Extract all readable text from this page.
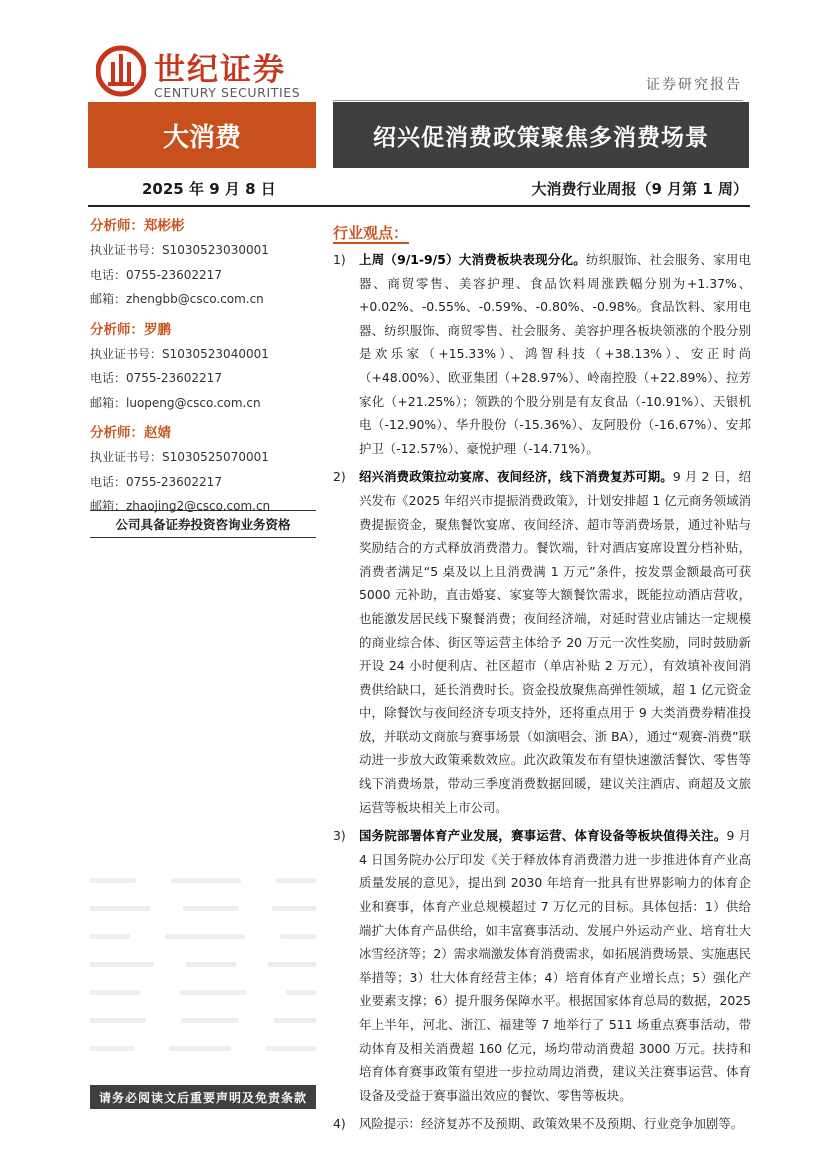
世纪证券
CENTURY SECURITIES	证券研究报告
大消费	绍兴促消费政策聚焦多消费场景
2025 年 9 月 8 日	大消费行业周报（9 月第 1 周）
分析师：郑彬彬
执业证书号：S1030523030001
电话：0755-23602217
邮箱：zhengbb@csco.com.cn
分析师：罗鹏
执业证书号：S1030523040001
电话：0755-23602217
邮箱：luopeng@csco.com.cn
分析师：赵婧
执业证书号：S1030525070001
电话：0755-23602217
邮箱：zhaojing2@csco.com.cn
公司具备证券投资咨询业务资格
请务必阅读文后重要声明及免责条款
行业观点：
1) 上周（9/1-9/5）大消费板块表现分化。纺织服饰、社会服务、家用电器、商贸零售、美容护理、食品饮料周涨跌幅分别为+1.37%、+0.02%、-0.55%、-0.59%、-0.80%、-0.98%。食品饮料、家用电器、纺织服饰、商贸零售、社会服务、美容护理各板块领涨的个股分别是欢乐家（+15.33%）、鸿智科技（+38.13%）、安正时尚（+48.00%）、欧亚集团（+28.97%）、岭南控股（+22.89%）、拉芳家化（+21.25%）；领跌的个股分别是有友食品（-10.91%）、天银机电（-12.90%）、华升股份（-15.36%）、友阿股份（-16.67%）、安邦护卫（-12.57%）、豪悦护理（-14.71%）。
2) 绍兴消费政策拉动宴席、夜间经济，线下消费复苏可期。9 月 2 日，绍兴发布《2025 年绍兴市提振消费政策》，计划安排超 1 亿元商务领域消费提振资金，聚焦餐饮宴席、夜间经济、超市等消费场景，通过补贴与奖励结合的方式释放消费潜力。餐饮端，针对酒店宴席设置分档补贴，消费者满足“5 桌及以上且消费满 1 万元”条件，按发票金额最高可获 5000 元补助，直击婚宴、家宴等大额餐饮需求，既能拉动酒店营收，也能激发居民线下聚餐消费；夜间经济端，对延时营业店铺达一定规模的商业综合体、街区等运营主体给予 20 万元一次性奖励，同时鼓励新开设 24 小时便利店、社区超市（单店补贴 2 万元），有效填补夜间消费供给缺口，延长消费时长。资金投放聚焦高弹性领域，超 1 亿元资金中，除餐饮与夜间经济专项支持外，还将重点用于 9 大类消费券精准投放，并联动文商旅与赛事场景（如演唱会、浙 BA），通过“观赛-消费”联动进一步放大政策乘数效应。此次政策发布有望快速激活餐饮、零售等线下消费场景，带动三季度消费数据回暖，建议关注酒店、商超及文旅运营等板块相关上市公司。
3) 国务院部署体育产业发展，赛事运营、体育设备等板块值得关注。9 月 4 日国务院办公厅印发《关于释放体育消费潜力进一步推进体育产业高质量发展的意见》，提出到 2030 年培育一批具有世界影响力的体育企业和赛事，体育产业总规模超过 7 万亿元的目标。具体包括：1）供给端扩大体育产品供给，如丰富赛事活动、发展户外运动产业、培育壮大冰雪经济等；2）需求端激发体育消费需求，如拓展消费场景、实施惠民举措等；3）壮大体育经营主体；4）培育体育产业增长点；5）强化产业要素支撑；6）提升服务保障水平。根据国家体育总局的数据，2025 年上半年，河北、浙江、福建等 7 地举行了 511 场重点赛事活动，带动体育及相关消费超 160 亿元，场均带动消费超 3000 万元。扶持和培育体育赛事政策有望进一步拉动周边消费，建议关注赛事运营、体育设备及受益于赛事溢出效应的餐饮、零售等板块。
4) 风险提示：经济复苏不及预期、政策效果不及预期、行业竞争加剧等。
